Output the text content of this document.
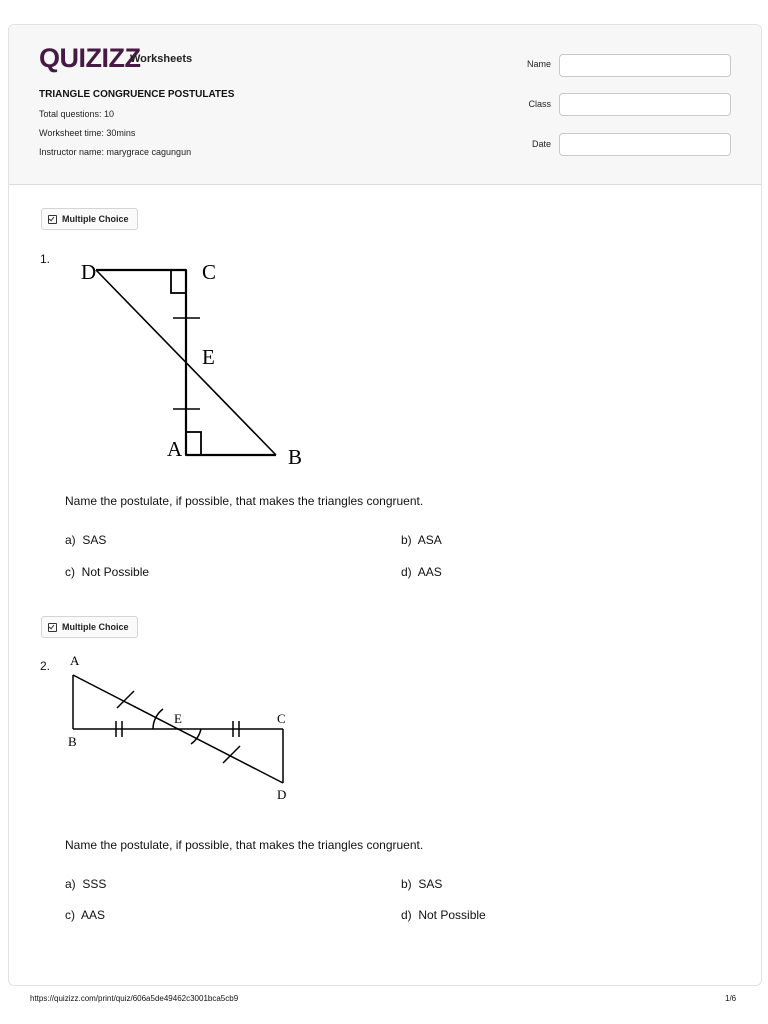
QUIZIZZ
Worksheets
TRIANGLE CONGRUENCE POSTULATES
Total questions: 10
Worksheet time: 30mins
Instructor name: marygrace cagungun
Name
Class
Date
Multiple Choice
1.
D	C
E
A	B
Name the postulate, if possible, that makes the triangles congruent.
a) SAS	b) ASA
c) Not Possible	d) AAS
Multiple Choice
2. A
B
E	C
D
Name the postulate, if possible, that makes the triangles congruent.
a) SSS	b) SAS
c) AAS	d) Not Possible
https://quizizz.com/print/quiz/606a5de49462c3001bca5cb9	1/6
